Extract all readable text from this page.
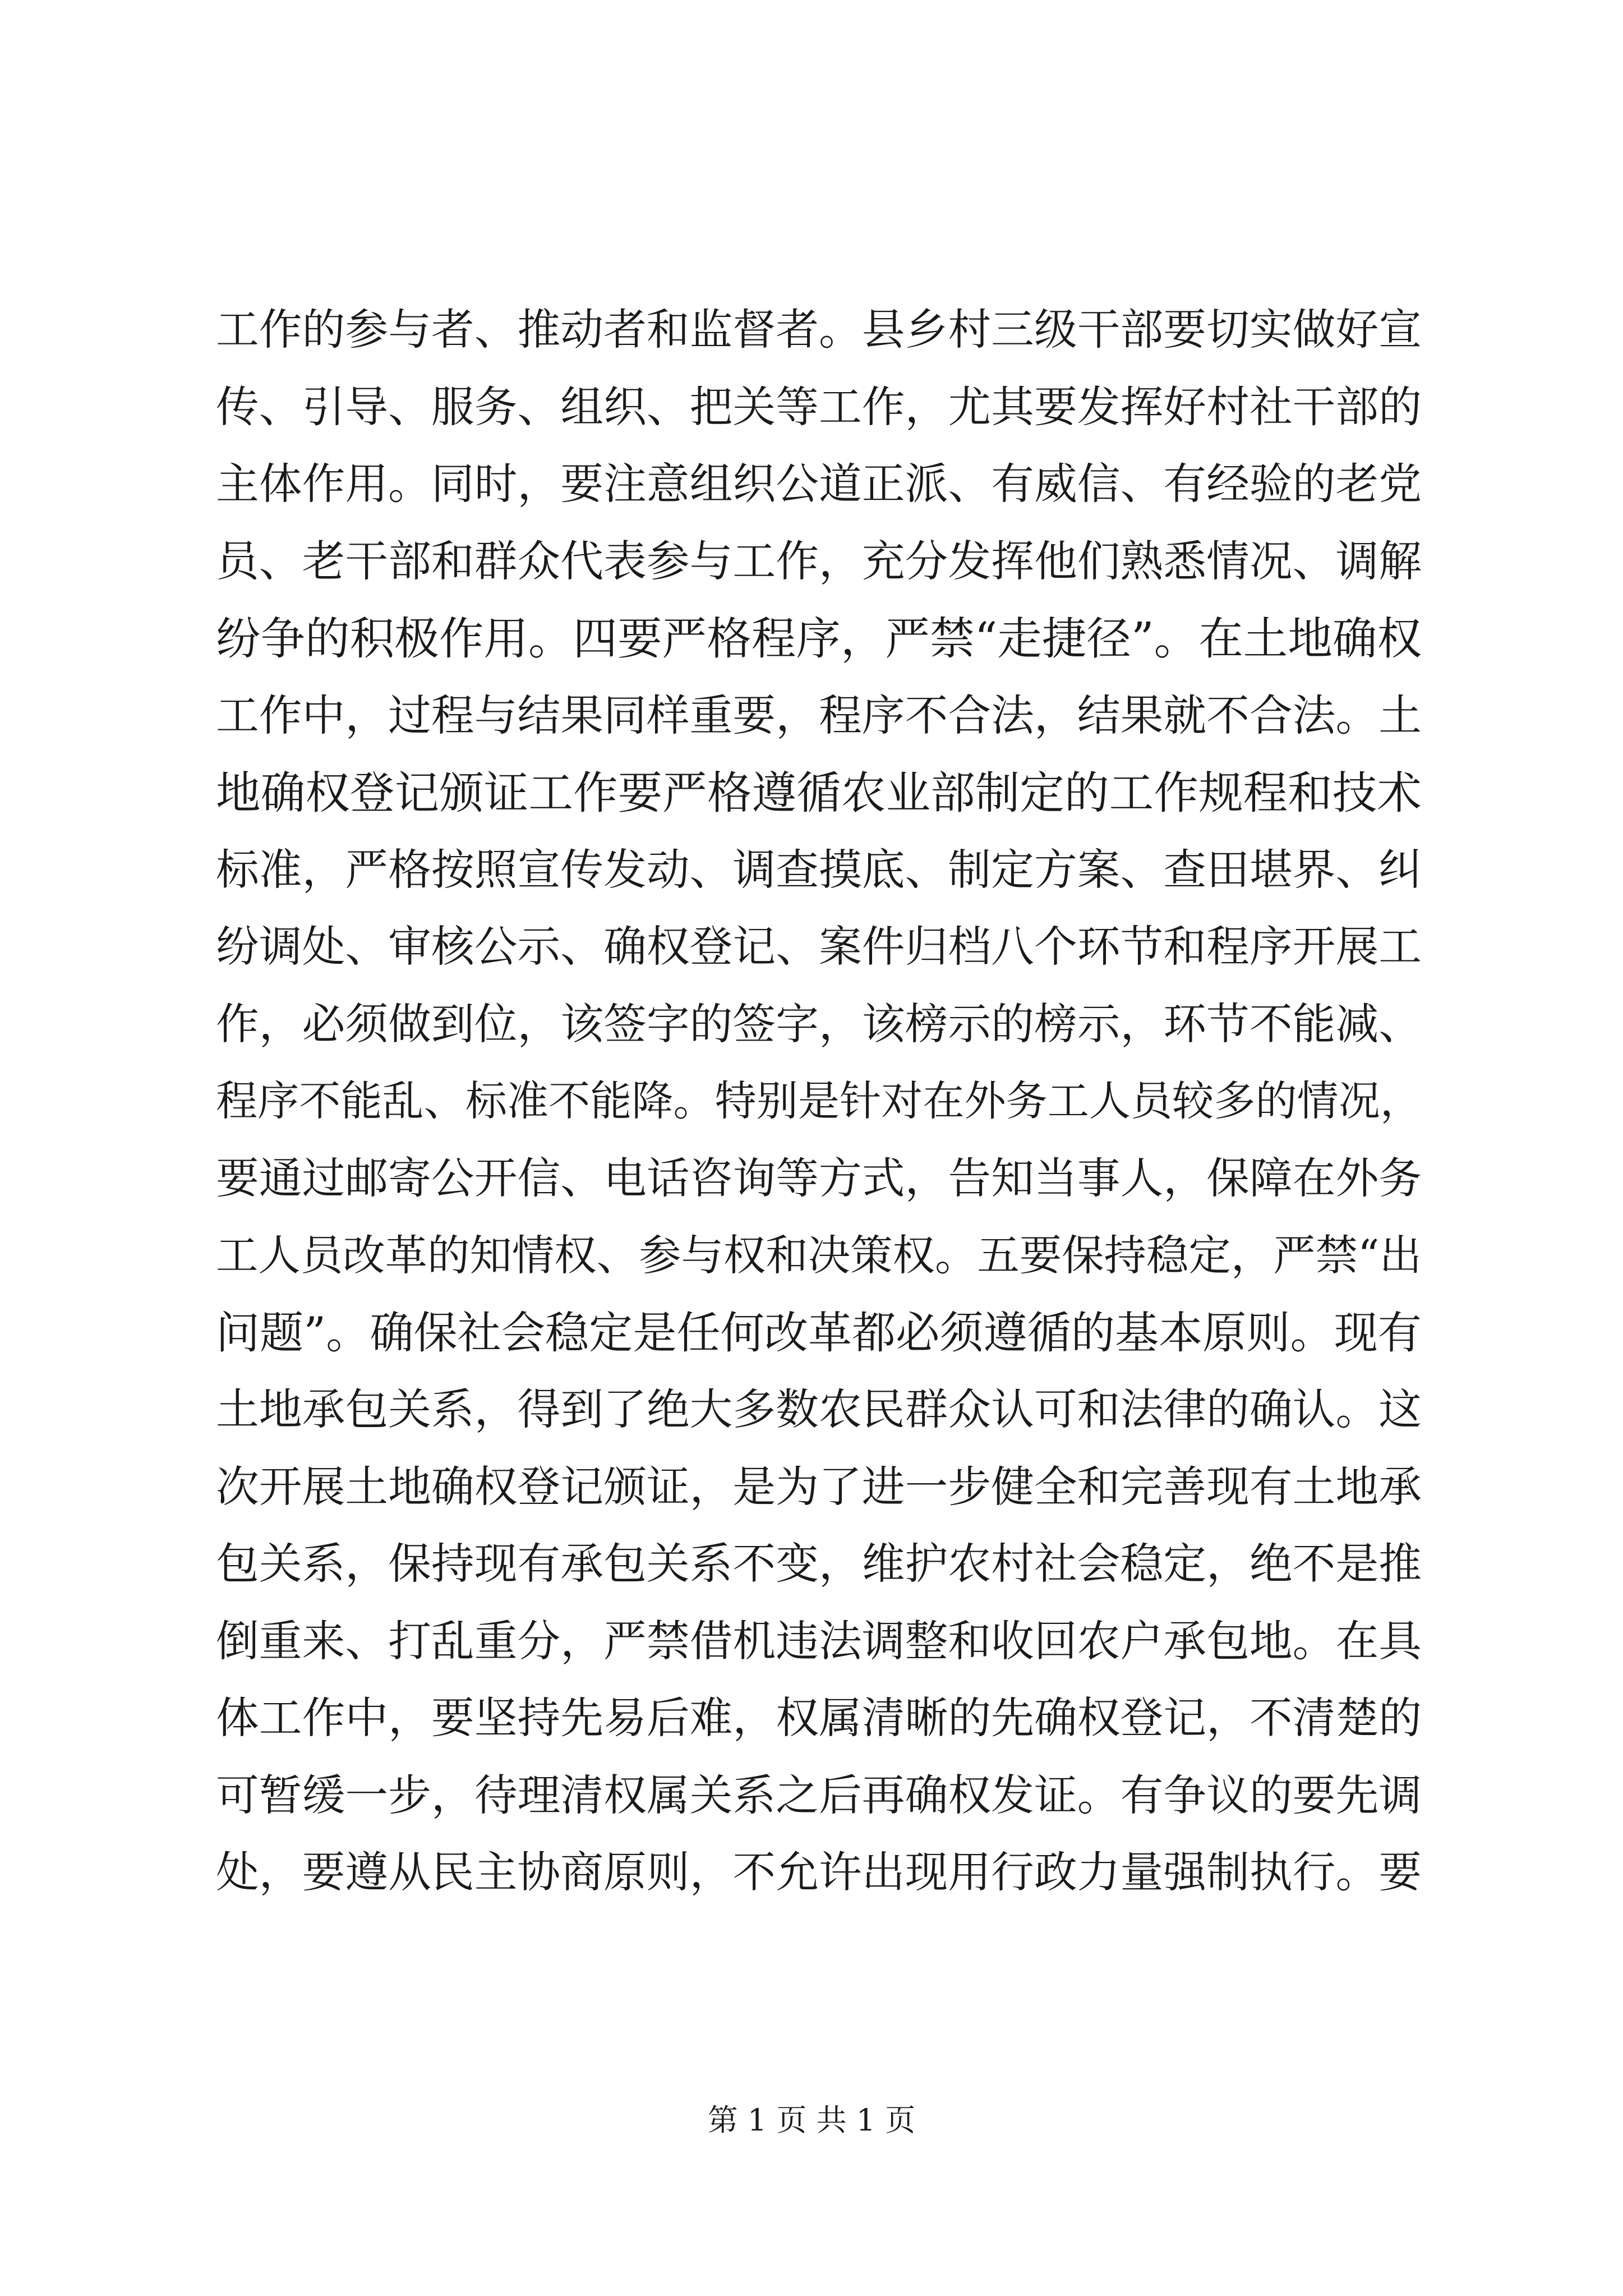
工作的参与者、推动者和监督者。县乡村三级干部要切实做好宣
传、引导、服务、组织、把关等工作，尤其要发挥好村社干部的
主体作用。同时，要注意组织公道正派、有威信、有经验的老党
员、老干部和群众代表参与工作，充分发挥他们熟悉情况、调解
纷争的积极作用。四要严格程序，严禁“走捷径”。在土地确权
工作中，过程与结果同样重要，程序不合法，结果就不合法。土
地确权登记颁证工作要严格遵循农业部制定的工作规程和技术
标准，严格按照宣传发动、调查摸底、制定方案、查田堪界、纠
纷调处、审核公示、确权登记、案件归档八个环节和程序开展工
作，必须做到位，该签字的签字，该榜示的榜示，环节不能减、
程序不能乱、标准不能降。特别是针对在外务工人员较多的情况，
要通过邮寄公开信、电话咨询等方式，告知当事人，保障在外务
工人员改革的知情权、参与权和决策权。五要保持稳定，严禁“出
问题”。确保社会稳定是任何改革都必须遵循的基本原则。现有
土地承包关系，得到了绝大多数农民群众认可和法律的确认。这
次开展土地确权登记颁证，是为了进一步健全和完善现有土地承
包关系，保持现有承包关系不变，维护农村社会稳定，绝不是推
倒重来、打乱重分，严禁借机违法调整和收回农户承包地。在具
体工作中，要坚持先易后难，权属清晰的先确权登记，不清楚的
可暂缓一步，待理清权属关系之后再确权发证。有争议的要先调
处，要遵从民主协商原则，不允许出现用行政力量强制执行。要
第 1 页 共 1 页
